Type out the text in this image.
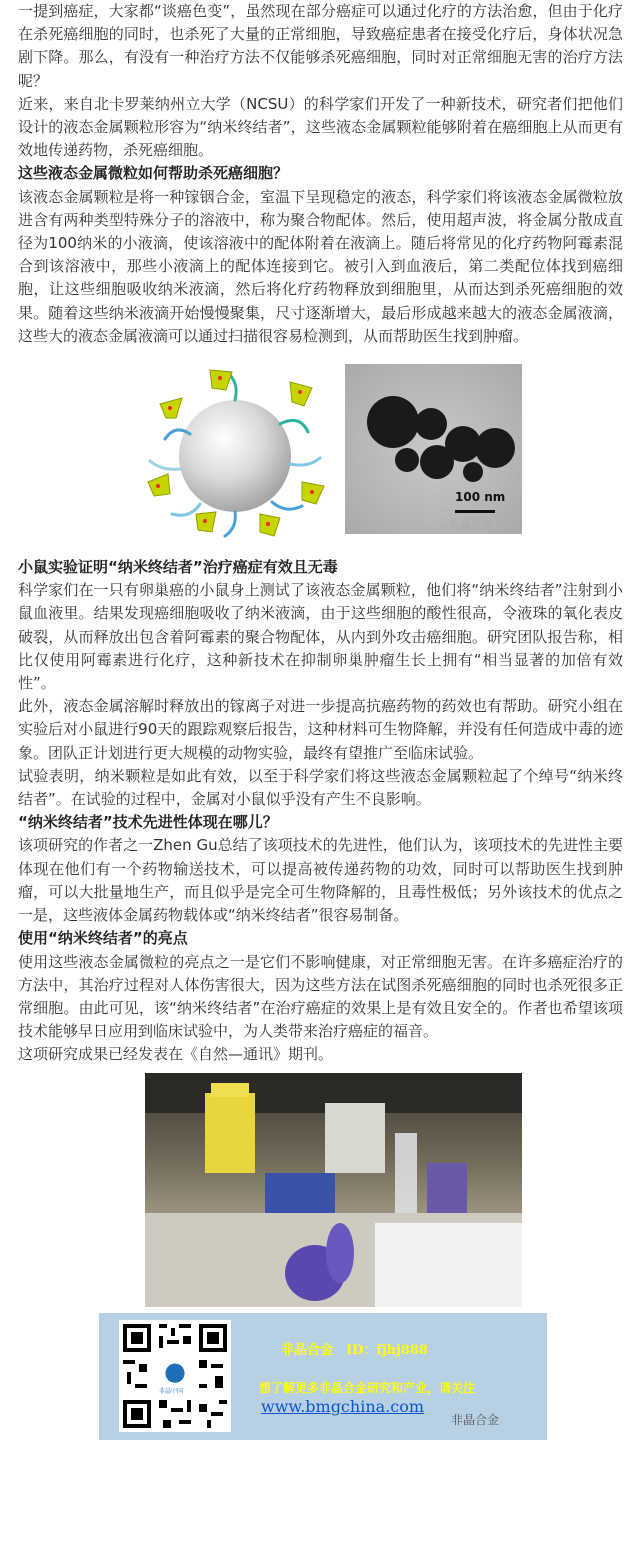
一提到癌症，大家都“谈癌色变”，虽然现在部分癌症可以通过化疗的方法治愈，但由于化疗在杀死癌细胞的同时，也杀死了大量的正常细胞，导致癌症患者在接受化疗后，身体状况急剧下降。那么，有没有一种治疗方法不仅能够杀死癌细胞，同时对正常细胞无害的治疗方法呢？

近来，来自北卡罗莱纳州立大学（NCSU）的科学家们开发了一种新技术，研究者们把他们设计的液态金属颗粒形容为“纳米终结者”，这些液态金属颗粒能够附着在癌细胞上从而更有效地传递药物，杀死癌细胞。

这些液态金属微粒如何帮助杀死癌细胞？

该液态金属颗粒是将一种镓铟合金，室温下呈现稳定的液态，科学家们将该液态金属微粒放进含有两种类型特殊分子的溶液中，称为聚合物配体。然后，使用超声波，将金属分散成直径为100纳米的小液滴，使该溶液中的配体附着在液滴上。随后将常见的化疗药物阿霉素混合到该溶液中，那些小液滴上的配体连接到它。被引入到血液后，第二类配位体找到癌细胞，让这些细胞吸收纳米液滴，然后将化疗药物释放到细胞里，从而达到杀死癌细胞的效果。随着这些纳米液滴开始慢慢聚集，尺寸逐渐增大，最后形成越来越大的液态金属液滴，这些大的液态金属液滴可以通过扫描很容易检测到，从而帮助医生找到肿瘤。

100 nm
非晶合金

小鼠实验证明“纳米终结者”治疗癌症有效且无毒

科学家们在一只有卵巢癌的小鼠身上测试了该液态金属颗粒，他们将“纳米终结者”注射到小鼠血液里。结果发现癌细胞吸收了纳米液滴，由于这些细胞的酸性很高，令液珠的氧化表皮破裂，从而释放出包含着阿霉素的聚合物配体，从内到外攻击癌细胞。研究团队报告称，相比仅使用阿霉素进行化疗，这种新技术在抑制卵巢肿瘤生长上拥有“相当显著的加倍有效性”。

此外，液态金属溶解时释放出的镓离子对进一步提高抗癌药物的药效也有帮助。研究小组在实验后对小鼠进行90天的跟踪观察后报告，这种材料可生物降解，并没有任何造成中毒的迹象。团队正计划进行更大规模的动物实验，最终有望推广至临床试验。

试验表明，纳米颗粒是如此有效，以至于科学家们将这些液态金属颗粒起了个绰号“纳米终结者”。在试验的过程中，金属对小鼠似乎没有产生不良影响。

“纳米终结者”技术先进性体现在哪儿？

该项研究的作者之一Zhen Gu总结了该项技术的先进性，他们认为，该项技术的先进性主要体现在他们有一个药物输送技术，可以提高被传递药物的功效，同时可以帮助医生找到肿瘤，可以大批量地生产，而且似乎是完全可生物降解的，且毒性极低；另外该技术的优点之一是，这些液体金属药物载体或“纳米终结者”很容易制备。

使用“纳米终结者”的亮点

使用这些液态金属微粒的亮点之一是它们不影响健康，对正常细胞无害。在许多癌症治疗的方法中，其治疗过程对人体伤害很大，因为这些方法在试图杀死癌细胞的同时也杀死很多正常细胞。由此可见，该“纳米终结者”在治疗癌症的效果上是有效且安全的。作者也希望该项技术能够早日应用到临床试验中，为人类带来治疗癌症的福音。

这项研究成果已经发表在《自然—通讯》期刊。

非晶合金
非晶中国
非晶合金　ID：fjhj888
想了解更多非晶合金研究和产业，请关注
www.bmgchina.com
非晶合金
